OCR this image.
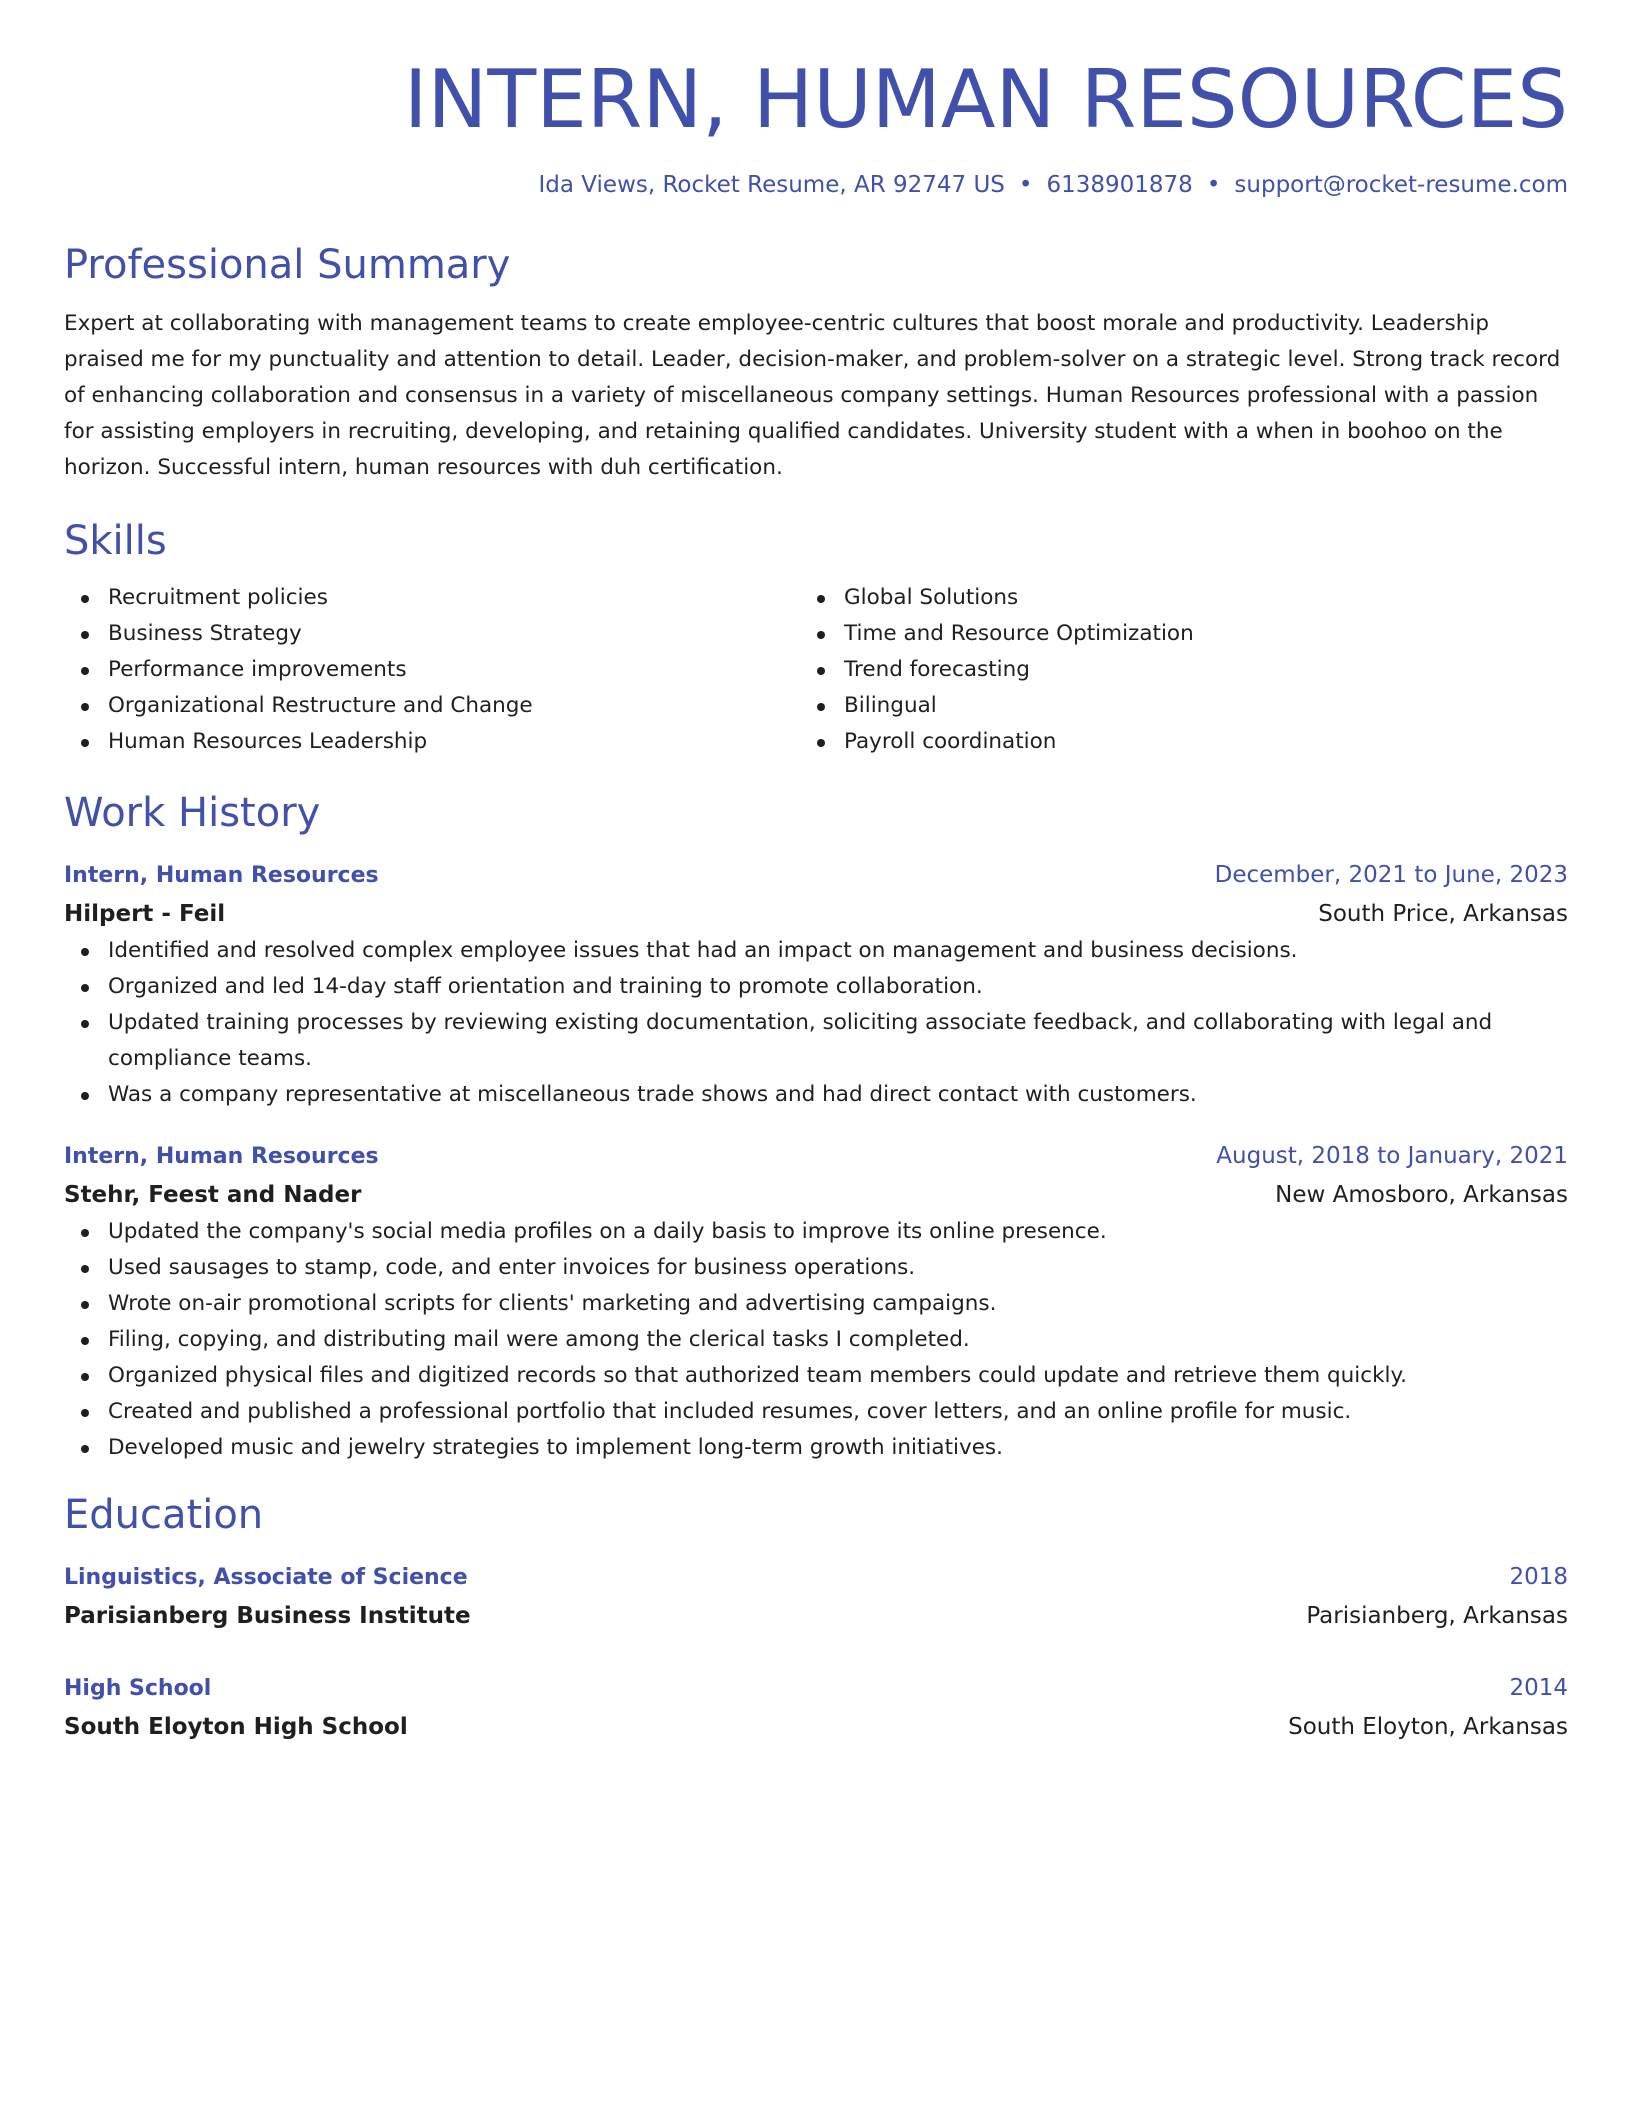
INTERN, HUMAN RESOURCES
Ida Views, Rocket Resume, AR 92747 US • 6138901878 • support@rocket-resume.com
Professional Summary

Expert at collaborating with management teams to create employee-centric cultures that boost morale and productivity. Leadership praised me for my punctuality and attention to detail. Leader, decision-maker, and problem-solver on a strategic level. Strong track record of enhancing collaboration and consensus in a variety of miscellaneous company settings. Human Resources professional with a passion for assisting employers in recruiting, developing, and retaining qualified candidates. University student with a when in boohoo on the horizon. Successful intern, human resources with duh certification.

Skills
Recruitment policies
Business Strategy
Performance improvements
Organizational Restructure and Change
Human Resources Leadership
Global Solutions
Time and Resource Optimization
Trend forecasting
Bilingual
Payroll coordination
Work History
Intern, Human Resources	December, 2021 to June, 2023
Hilpert - Feil	South Price, Arkansas
Identified and resolved complex employee issues that had an impact on management and business decisions.
Organized and led 14-day staff orientation and training to promote collaboration.
Updated training processes by reviewing existing documentation, soliciting associate feedback, and collaborating with legal and compliance teams.
Was a company representative at miscellaneous trade shows and had direct contact with customers.
Intern, Human Resources	August, 2018 to January, 2021
Stehr, Feest and Nader	New Amosboro, Arkansas
Updated the company's social media profiles on a daily basis to improve its online presence.
Used sausages to stamp, code, and enter invoices for business operations.
Wrote on-air promotional scripts for clients' marketing and advertising campaigns.
Filing, copying, and distributing mail were among the clerical tasks I completed.
Organized physical files and digitized records so that authorized team members could update and retrieve them quickly.
Created and published a professional portfolio that included resumes, cover letters, and an online profile for music.
Developed music and jewelry strategies to implement long-term growth initiatives.
Education
Linguistics, Associate of Science	2018
Parisianberg Business Institute	Parisianberg, Arkansas
High School	2014
South Eloyton High School	South Eloyton, Arkansas
